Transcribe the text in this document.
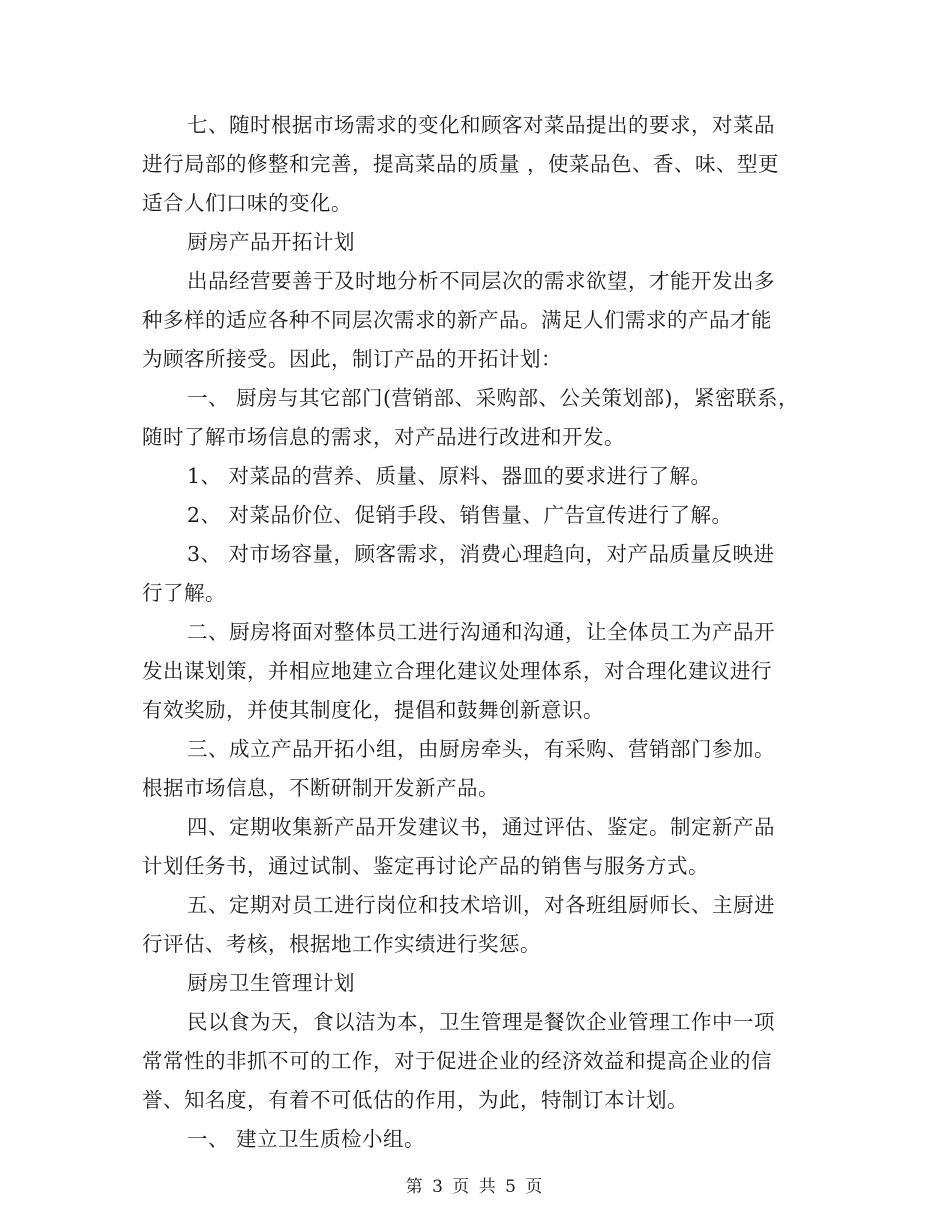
七、随时根据市场需求的变化和顾客对菜品提出的要求，对菜品
进行局部的修整和完善，提高菜品的质量 ，使菜品色、香、味、型更
适合人们口味的变化。
厨房产品开拓计划
出品经营要善于及时地分析不同层次的需求欲望，才能开发出多
种多样的适应各种不同层次需求的新产品。满足人们需求的产品才能
为顾客所接受。因此，制订产品的开拓计划：
一、 厨房与其它部门(营销部、采购部、公关策划部)，紧密联系，
随时了解市场信息的需求，对产品进行改进和开发。
1、 对菜品的营养、质量、原料、器皿的要求进行了解。
2、 对菜品价位、促销手段、销售量、广告宣传进行了解。
3、 对市场容量，顾客需求，消费心理趋向，对产品质量反映进
行了解。
二、厨房将面对整体员工进行沟通和沟通，让全体员工为产品开
发出谋划策，并相应地建立合理化建议处理体系，对合理化建议进行
有效奖励，并使其制度化，提倡和鼓舞创新意识。
三、成立产品开拓小组，由厨房牵头，有采购、营销部门参加。
根据市场信息，不断研制开发新产品。
四、定期收集新产品开发建议书，通过评估、鉴定。制定新产品
计划任务书，通过试制、鉴定再讨论产品的销售与服务方式。
五、定期对员工进行岗位和技术培训，对各班组厨师长、主厨进
行评估、考核，根据地工作实绩进行奖惩。
厨房卫生管理计划
民以食为天，食以洁为本，卫生管理是餐饮企业管理工作中一项
常常性的非抓不可的工作，对于促进企业的经济效益和提高企业的信
誉、知名度，有着不可低估的作用，为此，特制订本计划。
一、 建立卫生质检小组。
第 3 页 共 5 页
